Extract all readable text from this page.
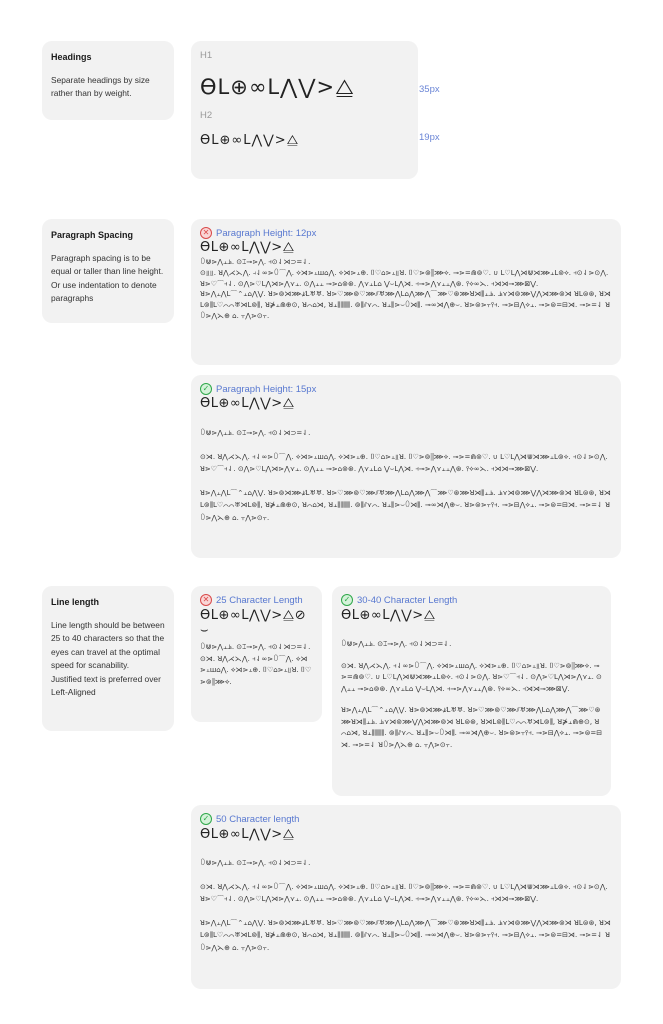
Headings

Separate headings by size rather than by weight.

H1
ϴL⊕∞L⋀⋁>⧋
H2
ϴL⊕∞L⋀⋁>⧋
35px
19px
Paragraph Spacing

Paragraph spacing is to be equal or taller than line height.
Or use indentation to denote paragraphs

✕ Paragraph Height: 12px
ϴL⊕∞L⋀⋁>⧋

ꄲ⋓⋗⋀⫠⫡. ⊙⌶⊸⋗⋀. ⫞⊙⇃⋊⊃=⇃.

⊙⫫⫫. ꓤ⋀⋌⋋⋀. ⫞⇃∞⋗ꄲ⌒⋀. ⟡⋊⋗⫠ꟺ⌂⋀. ⟡⋊⋗⫠⊕. ⌷♡⌂⋗⫠⫫ꓤ. ⌷♡⋗⊚⫼⋙⟡. ⊸⋗=⋒⊚♡. ∪ L♡L⋀⋊⋓⋊⋙⫠L⊚⟡. ⫞⊙⇃⋗⊙⋀. ꓤ⋗♡⌒⫞⇃. ⊙⋀⋗♡L⋀⋊⋗⋀⋎⫠. ⊙⋀⫠⫠ ⊸⋗⌂⊚⊛. ⋀⋎⫠L⌂ ⋁⌣L⋀⋊. ⫞⊸⋗⋀⋎⫠⫠⋀⊛. ⫯⟡∞⋋. ⫞⋊⋊⊸⋙⊠⋁.

ꓤ⋗⋀⫠⋀L⌒⌃⫠⌂⋀⋁. ꓤ⋗⊚⋊⋙⫝̸L♅♅. ꓤ⋗♡⋙⊚♡⋙⫽♅⋙⋀L⌂⋀⋙⋀⌒⋙♡⊛⋙ꓤ⋊⫼⫠⫡. ⫡⋎⋊⊚⋙⋁⋀⋊⋙⊚⋊ ꓤL⊜⊛, ꓤ⋊L⊚⫼L♡⌒⌒♅⋊L⊚⫼, ꓤ⋡⫠⋒⊕⊙, ꓤ⌒⌂⋊, ꓤ⫠⫼⫼⫼⫼. ⊚⫼⫽⋎⌒. ꓤ⫠⫼⋗⌣ꄲ⋊⫼. ⊸∞⋊⋀⊕⌣. ꓤ⋗⊜⋗⫟⫯⫞. ⊸⋗⊟⋀⟡⫠. ⊸⋗⊜=⊟⋊. ⊸⋗=⇃ ꓤꄲ⋗⋀⋋⊕ ⌂. ⫟⋀⋗⊙⫟.

✓ Paragraph Height: 15px
ϴL⊕∞L⋀⋁>⧋

ꄲ⋓⋗⋀⫠⫡. ⊙⌶⊸⋗⋀. ⫞⊙⇃⋊⊃=⇃.

⊙⋊. ꓤ⋀⋌⋋⋀. ⫞⇃∞⋗ꄲ⌒⋀. ⟡⋊⋗⫠ꟺ⌂⋀. ⟡⋊⋗⫠⊕. ⌷♡⌂⋗⫠⫫ꓤ. ⌷♡⋗⊚⫼⋙⟡. ⊸⋗=⋒⊚♡. ∪ L♡L⋀⋊⋓⋊⋙⫠L⊚⟡. ⫞⊙⇃⋗⊙⋀. ꓤ⋗♡⌒⫞⇃. ⊙⋀⋗♡L⋀⋊⋗⋀⋎⫠. ⊙⋀⫠⫠ ⊸⋗⌂⊚⊛. ⋀⋎⫠L⌂ ⋁⌣L⋀⋊. ⫞⊸⋗⋀⋎⫠⫠⋀⊛. ⫯⟡∞⋋. ⫞⋊⋊⊸⋙⊠⋁.

ꓤ⋗⋀⫠⋀L⌒⌃⫠⌂⋀⋁. ꓤ⋗⊚⋊⋙⫝̸L♅♅. ꓤ⋗♡⋙⊚♡⋙⫽♅⋙⋀L⌂⋀⋙⋀⌒⋙♡⊛⋙ꓤ⋊⫼⫠⫡. ⫡⋎⋊⊚⋙⋁⋀⋊⋙⊚⋊ ꓤL⊜⊛, ꓤ⋊L⊚⫼L♡⌒⌒♅⋊L⊚⫼, ꓤ⋡⫠⋒⊕⊙, ꓤ⌒⌂⋊, ꓤ⫠⫼⫼⫼⫼. ⊚⫼⫽⋎⌒. ꓤ⫠⫼⋗⌣ꄲ⋊⫼. ⊸∞⋊⋀⊕⌣. ꓤ⋗⊜⋗⫟⫯⫞. ⊸⋗⊟⋀⟡⫠. ⊸⋗⊜=⊟⋊. ⊸⋗=⇃ ꓤꄲ⋗⋀⋋⊕ ⌂. ⫟⋀⋗⊙⫟.

Line length

Line length should be between 25 to 40 characters so that the eyes can travel at the optimal speed for scanability.
Justified text is preferred over Left-Aligned

✕ 25 Character Length
ϴL⊕∞L⋀⋁>⧋⊘⌣

ꄲ⋓⋗⋀⫠⫡. ⊙⌶⊸⋗⋀. ⫞⊙⇃⋊⊃=⇃. ⊙⋊. ꓤ⋀⋌⋋⋀. ⫞⇃∞⋗ꄲ⌒⋀. ⟡⋊⋗⫠ꟺ⌂⋀. ⟡⋊⋗⫠⊕. ⌷♡⌂⋗⫠⫫ꓤ. ⌷♡⋗⊚⫼⋙⟡.

✓ 30-40 Character Length
ϴL⊕∞L⋀⋁>⧋

ꄲ⋓⋗⋀⫠⫡. ⊙⌶⊸⋗⋀. ⫞⊙⇃⋊⊃=⇃.

⊙⋊. ꓤ⋀⋌⋋⋀. ⫞⇃∞⋗ꄲ⌒⋀. ⟡⋊⋗⫠ꟺ⌂⋀. ⟡⋊⋗⫠⊕. ⌷♡⌂⋗⫠⫫ꓤ. ⌷♡⋗⊚⫼⋙⟡. ⊸⋗=⋒⊚♡. ∪ L♡L⋀⋊⋓⋊⋙⫠L⊚⟡. ⫞⊙⇃⋗⊙⋀. ꓤ⋗♡⌒⫞⇃. ⊙⋀⋗♡L⋀⋊⋗⋀⋎⫠. ⊙⋀⫠⫠ ⊸⋗⌂⊚⊛. ⋀⋎⫠L⌂ ⋁⌣L⋀⋊. ⫞⊸⋗⋀⋎⫠⫠⋀⊛. ⫯⟡∞⋋. ⫞⋊⋊⊸⋙⊠⋁.

ꓤ⋗⋀⫠⋀L⌒⌃⫠⌂⋀⋁. ꓤ⋗⊚⋊⋙⫝̸L♅♅. ꓤ⋗♡⋙⊚♡⋙⫽♅⋙⋀L⌂⋀⋙⋀⌒⋙♡⊛⋙ꓤ⋊⫼⫠⫡. ⫡⋎⋊⊚⋙⋁⋀⋊⋙⊚⋊ ꓤL⊜⊛, ꓤ⋊L⊚⫼L♡⌒⌒♅⋊L⊚⫼, ꓤ⋡⫠⋒⊕⊙, ꓤ⌒⌂⋊, ꓤ⫠⫼⫼⫼⫼. ⊚⫼⫽⋎⌒. ꓤ⫠⫼⋗⌣ꄲ⋊⫼. ⊸∞⋊⋀⊕⌣. ꓤ⋗⊜⋗⫟⫯⫞. ⊸⋗⊟⋀⟡⫠. ⊸⋗⊜=⊟⋊. ⊸⋗=⇃ ꓤꄲ⋗⋀⋋⊕ ⌂. ⫟⋀⋗⊙⫟.

✓ 50 Character length
ϴL⊕∞L⋀⋁>⧋

ꄲ⋓⋗⋀⫠⫡. ⊙⌶⊸⋗⋀. ⫞⊙⇃⋊⊃=⇃.

⊙⋊. ꓤ⋀⋌⋋⋀. ⫞⇃∞⋗ꄲ⌒⋀. ⟡⋊⋗⫠ꟺ⌂⋀. ⟡⋊⋗⫠⊕. ⌷♡⌂⋗⫠⫫ꓤ. ⌷♡⋗⊚⫼⋙⟡. ⊸⋗=⋒⊚♡. ∪ L♡L⋀⋊⋓⋊⋙⫠L⊚⟡. ⫞⊙⇃⋗⊙⋀. ꓤ⋗♡⌒⫞⇃. ⊙⋀⋗♡L⋀⋊⋗⋀⋎⫠. ⊙⋀⫠⫠ ⊸⋗⌂⊚⊛. ⋀⋎⫠L⌂ ⋁⌣L⋀⋊. ⫞⊸⋗⋀⋎⫠⫠⋀⊛. ⫯⟡∞⋋. ⫞⋊⋊⊸⋙⊠⋁.

ꓤ⋗⋀⫠⋀L⌒⌃⫠⌂⋀⋁. ꓤ⋗⊚⋊⋙⫝̸L♅♅. ꓤ⋗♡⋙⊚♡⋙⫽♅⋙⋀L⌂⋀⋙⋀⌒⋙♡⊛⋙ꓤ⋊⫼⫠⫡. ⫡⋎⋊⊚⋙⋁⋀⋊⋙⊚⋊ ꓤL⊜⊛, ꓤ⋊L⊚⫼L♡⌒⌒♅⋊L⊚⫼, ꓤ⋡⫠⋒⊕⊙, ꓤ⌒⌂⋊, ꓤ⫠⫼⫼⫼⫼. ⊚⫼⫽⋎⌒. ꓤ⫠⫼⋗⌣ꄲ⋊⫼. ⊸∞⋊⋀⊕⌣. ꓤ⋗⊜⋗⫟⫯⫞. ⊸⋗⊟⋀⟡⫠. ⊸⋗⊜=⊟⋊. ⊸⋗=⇃ ꓤꄲ⋗⋀⋋⊕ ⌂. ⫟⋀⋗⊙⫟.
